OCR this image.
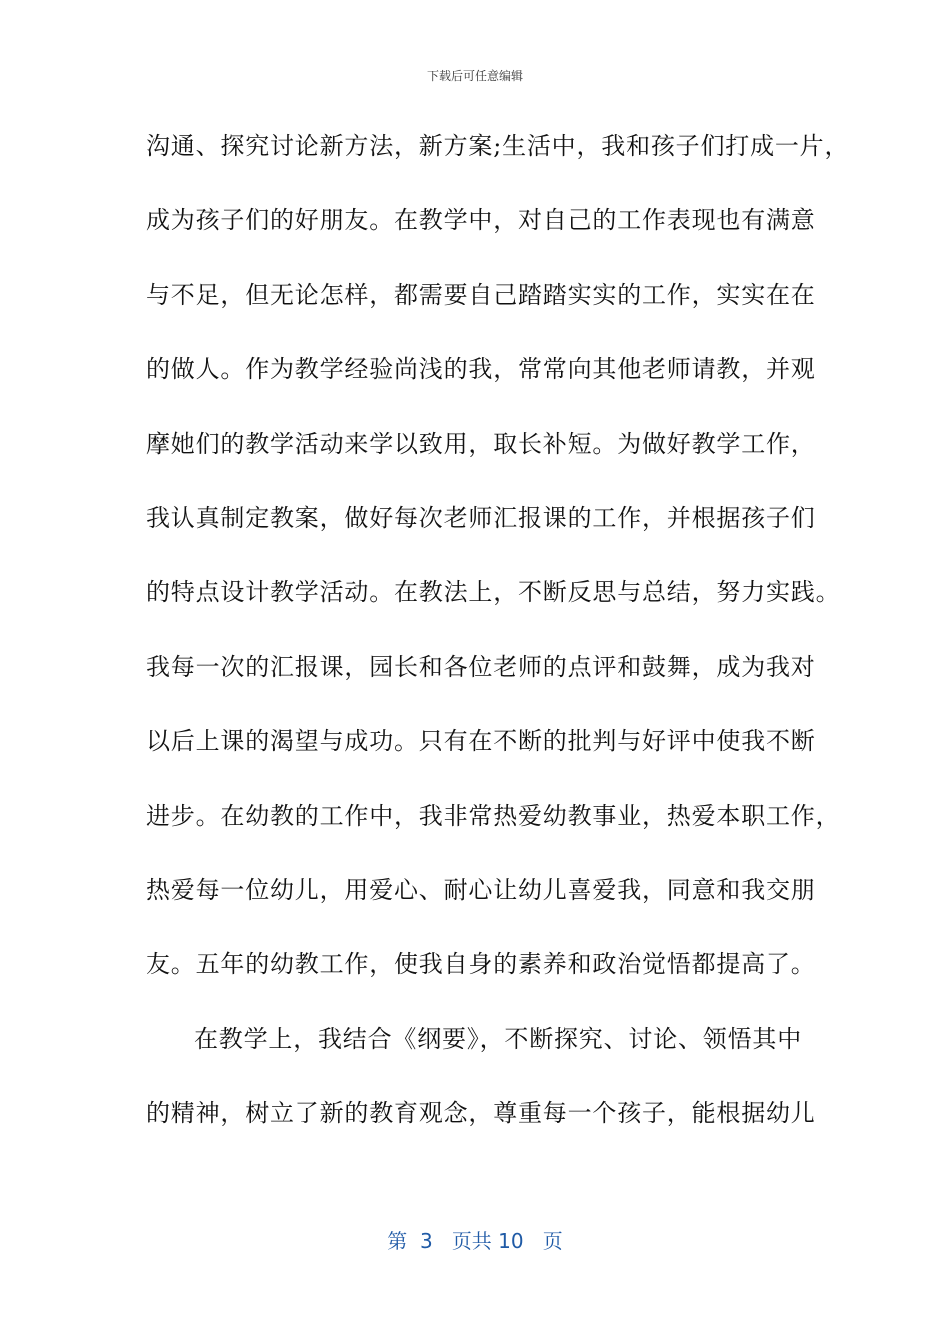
下载后可任意编辑
沟通、探究讨论新方法，新方案;生活中，我和孩子们打成一片，
成为孩子们的好朋友。在教学中，对自己的工作表现也有满意
与不足，但无论怎样，都需要自己踏踏实实的工作，实实在在
的做人。作为教学经验尚浅的我，常常向其他老师请教，并观
摩她们的教学活动来学以致用，取长补短。为做好教学工作，
我认真制定教案，做好每次老师汇报课的工作，并根据孩子们
的特点设计教学活动。在教法上，不断反思与总结，努力实践。
我每一次的汇报课，园长和各位老师的点评和鼓舞，成为我对
以后上课的渴望与成功。只有在不断的批判与好评中使我不断
进步。在幼教的工作中，我非常热爱幼教事业，热爱本职工作，
热爱每一位幼儿，用爱心、耐心让幼儿喜爱我，同意和我交朋
友。五年的幼教工作，使我自身的素养和政治觉悟都提高了。
在教学上，我结合《纲要》，不断探究、讨论、领悟其中
的精神，树立了新的教育观念，尊重每一个孩子，能根据幼儿
第 3 页共 10 页
